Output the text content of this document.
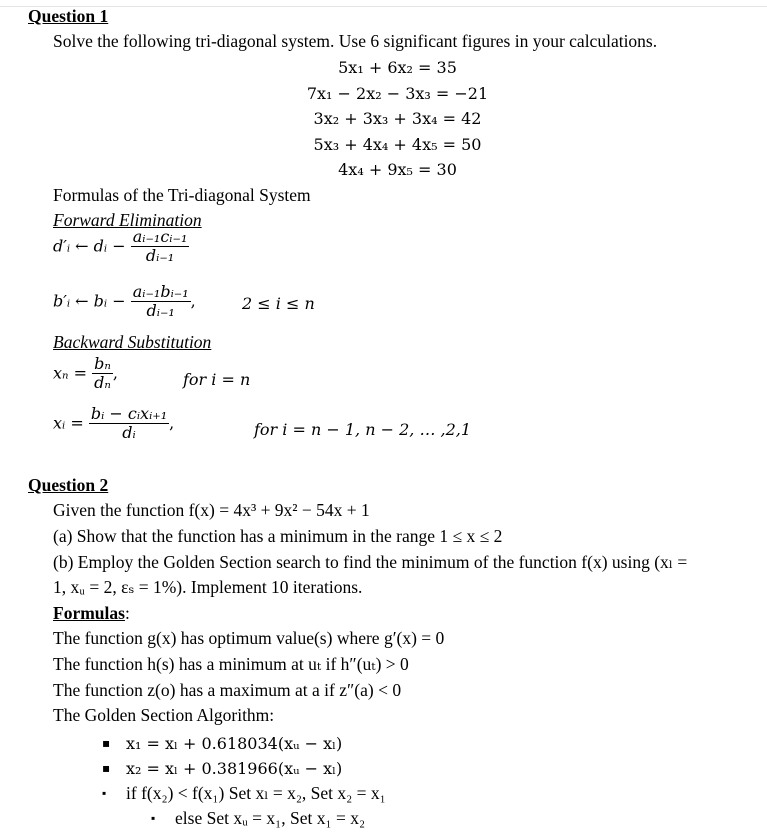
Question 1
Solve the following tri-diagonal system. Use 6 significant figures in your calculations.
5x₁ + 6x₂ = 35
7x₁ − 2x₂ − 3x₃ = −21
3x₂ + 3x₃ + 3x₄ = 42
5x₃ + 4x₄ + 4x₅ = 50
4x₄ + 9x₅ = 30
Formulas of the Tri-diagonal System
Forward Elimination
d′ᵢ ← dᵢ − $\frac{\text{aᵢ₋₁cᵢ₋₁}}{\text{dᵢ₋₁}}$
b′ᵢ ← bᵢ − $\frac{\text{aᵢ₋₁bᵢ₋₁}}{\text{dᵢ₋₁}}$ ,	2 ≤ i ≤ n
Backward Substitution
$x_n = \frac{\text{bₙ}}{\text{dₙ}}$ ,	for i = n
xᵢ = $\frac{\text{bᵢ − cᵢxᵢ₊₁}}{\text{dᵢ}}$ ,	for i = n − 1, n − 2, … ,2,1
Question 2
Given the function f(x) = 4x³ + 9x² − 54x + 1
(a) Show that the function has a minimum in the range 1 ≤ x ≤ 2
(b) Employ the Golden Section search to find the minimum of the function f(x) using (xₗ =
1, xᵤ = 2, εₛ = 1%). Implement 10 iterations.
Formulas:
The function g(x) has optimum value(s) where g′(x) = 0
The function h(s) has a minimum at uₜ if h″(uₜ) > 0
The function z(o) has a maximum at a if z″(a) < 0
The Golden Section Algorithm:
▪ x₁ = xₗ + 0.618034(xᵤ − xₗ)
▪ x₂ = xₗ + 0.381966(xᵤ − xₗ)
▪ if f(x₂) < f(x₁) Set xₗ = x₂, Set x₂ = x₁
▪ else Set xᵤ = x₁, Set x₁ = x₂
